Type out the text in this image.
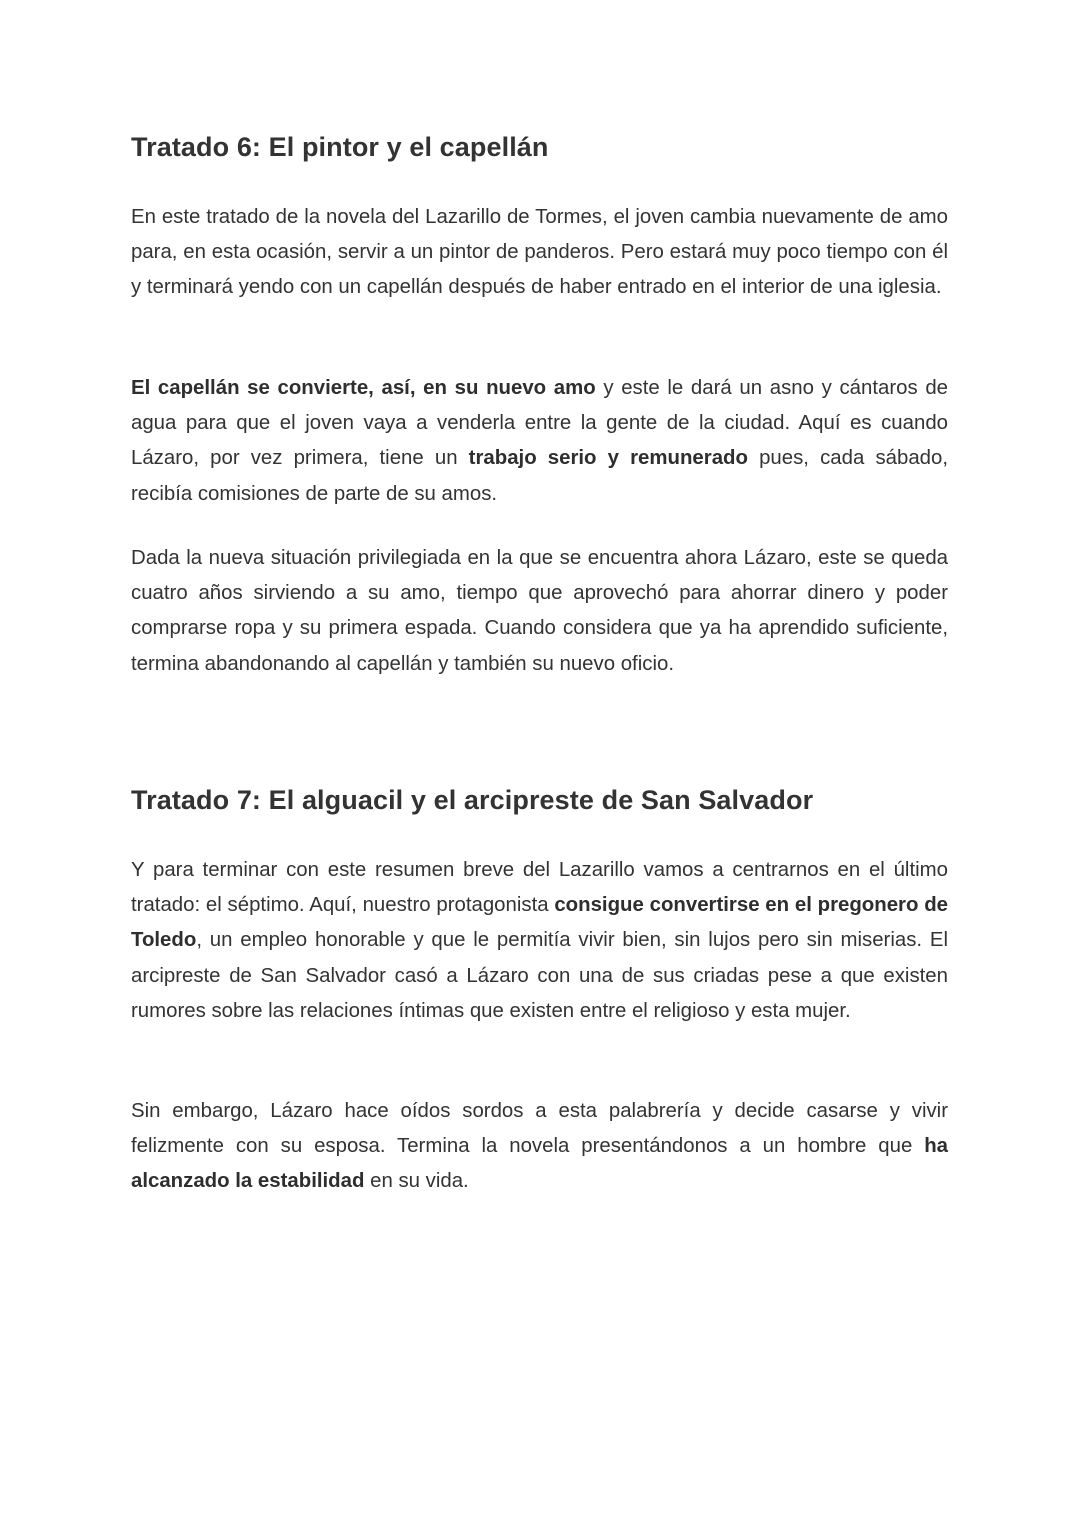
Tratado 6: El pintor y el capellán

En este tratado de la novela del Lazarillo de Tormes, el joven cambia nuevamente de amo para, en esta ocasión, servir a un pintor de panderos. Pero estará muy poco tiempo con él y terminará yendo con un capellán después de haber entrado en el interior de una iglesia.

El capellán se convierte, así, en su nuevo amo y este le dará un asno y cántaros de agua para que el joven vaya a venderla entre la gente de la ciudad. Aquí es cuando Lázaro, por vez primera, tiene un trabajo serio y remunerado pues, cada sábado, recibía comisiones de parte de su amos.

Dada la nueva situación privilegiada en la que se encuentra ahora Lázaro, este se queda cuatro años sirviendo a su amo, tiempo que aprovechó para ahorrar dinero y poder comprarse ropa y su primera espada. Cuando considera que ya ha aprendido suficiente, termina abandonando al capellán y también su nuevo oficio.

Tratado 7: El alguacil y el arcipreste de San Salvador

Y para terminar con este resumen breve del Lazarillo vamos a centrarnos en el último tratado: el séptimo. Aquí, nuestro protagonista consigue convertirse en el pregonero de Toledo, un empleo honorable y que le permitía vivir bien, sin lujos pero sin miserias. El arcipreste de San Salvador casó a Lázaro con una de sus criadas pese a que existen rumores sobre las relaciones íntimas que existen entre el religioso y esta mujer.

Sin embargo, Lázaro hace oídos sordos a esta palabrería y decide casarse y vivir felizmente con su esposa. Termina la novela presentándonos a un hombre que ha alcanzado la estabilidad en su vida.
